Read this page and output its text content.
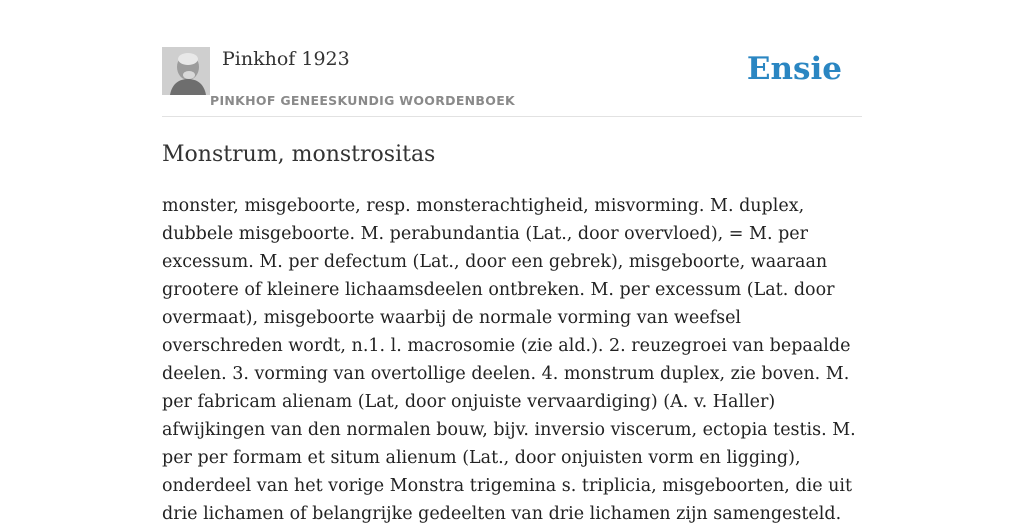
Pinkhof 1923
PINKHOF GENEESKUNDIG WOORDENBOEK
Ensie
Monstrum, monstrositas

monster, misgeboorte, resp. monsterachtigheid, misvorming. M. duplex, dubbele misgeboorte. M. perabundantia (Lat., door overvloed), = M. per excessum. M. per defectum (Lat., door een gebrek), misgeboorte, waaraan grootere of kleinere lichaamsdeelen ontbreken. M. per excessum (Lat. door overmaat), misgeboorte waarbij de normale vorming van weefsel overschreden wordt, n.1. l. macrosomie (zie ald.). 2. reuzegroei van bepaalde deelen. 3. vorming van overtollige deelen. 4. monstrum duplex, zie boven. M. per fabricam alienam (Lat, door onjuiste vervaardiging) (A. v. Haller) afwijkingen van den normalen bouw, bijv. inversio viscerum, ectopia testis. M. per per formam et situm alienum (Lat., door onjuisten vorm en ligging), onderdeel van het vorige Monstra trigemina s. triplicia, misgeboorten, die uit drie lichamen of belangrijke gedeelten van drie lichamen zijn samengesteld.
